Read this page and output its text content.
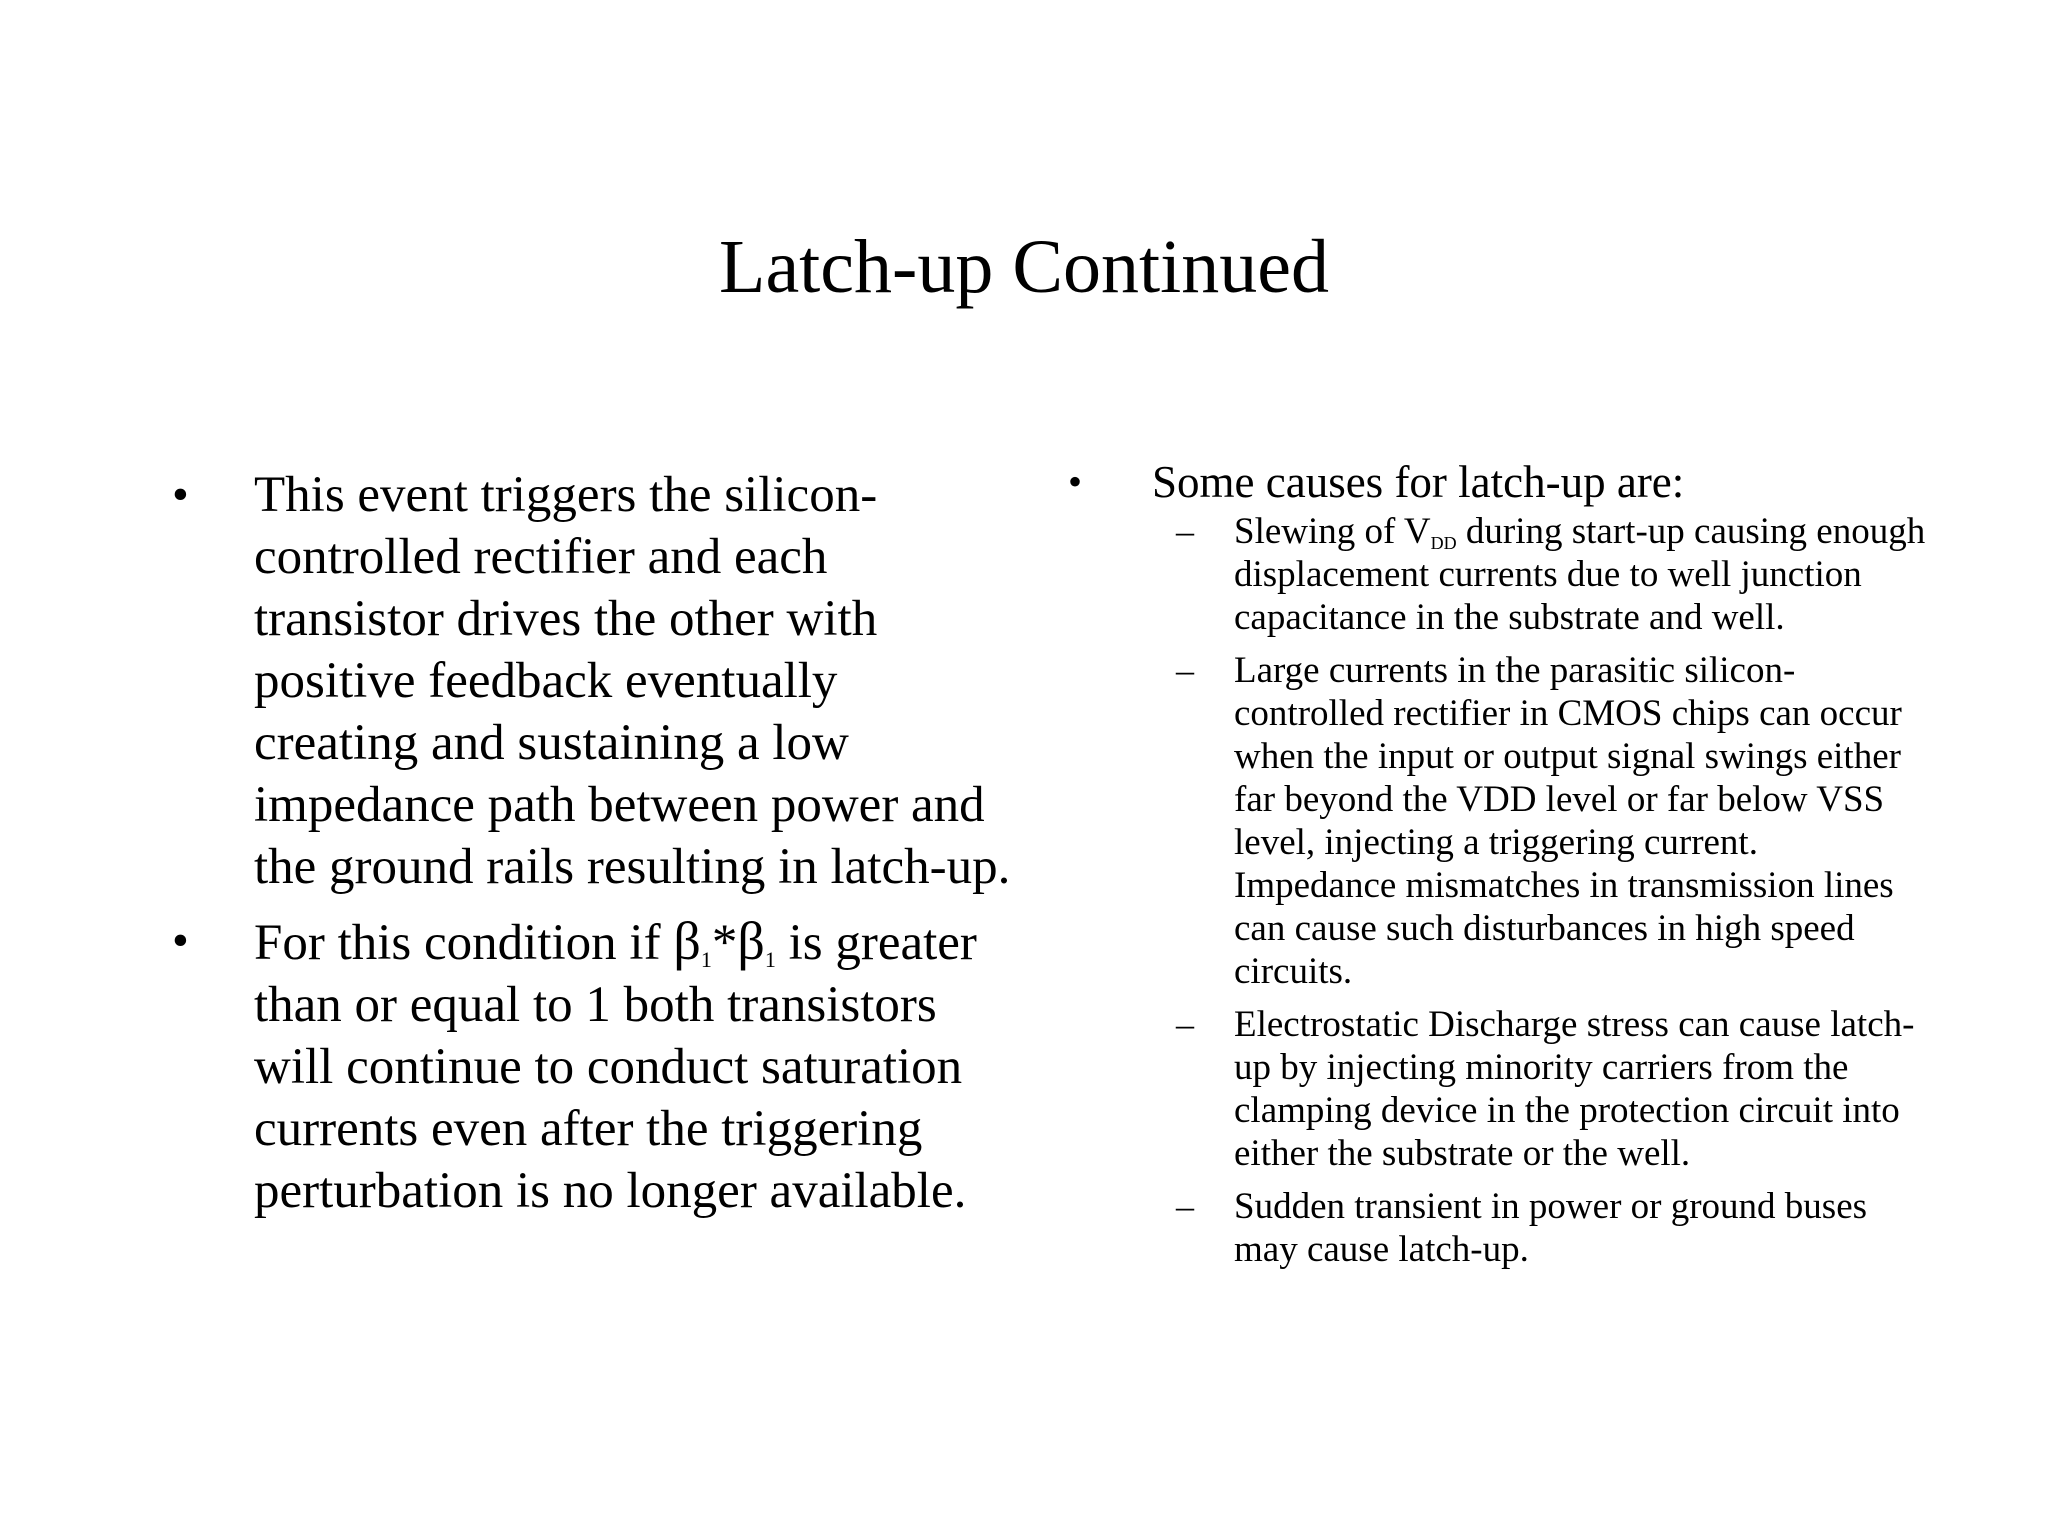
Latch-up Continued
•	This event triggers the silicon-controlled rectifier and each transistor drives the other with positive feedback eventually creating and sustaining a low impedance path between power and the ground rails resulting in latch-up.
•	For this condition if β1*β1 is greater than or equal to 1 both transistors will continue to conduct saturation currents even after the triggering perturbation is no longer available.
•	Some causes for latch-up are:
–	Slewing of VDD during start-up causing enough displacement currents due to well junction capacitance in the substrate and well.
–	Large currents in the parasitic silicon-controlled rectifier in CMOS chips can occur when the input or output signal swings either far beyond the VDD level or far below VSS level, injecting a triggering current. Impedance mismatches in transmission lines can cause such disturbances in high speed circuits.
–	Electrostatic Discharge stress can cause latch-up by injecting minority carriers from the clamping device in the protection circuit into either the substrate or the well.
–	Sudden transient in power or ground buses may cause latch-up.
